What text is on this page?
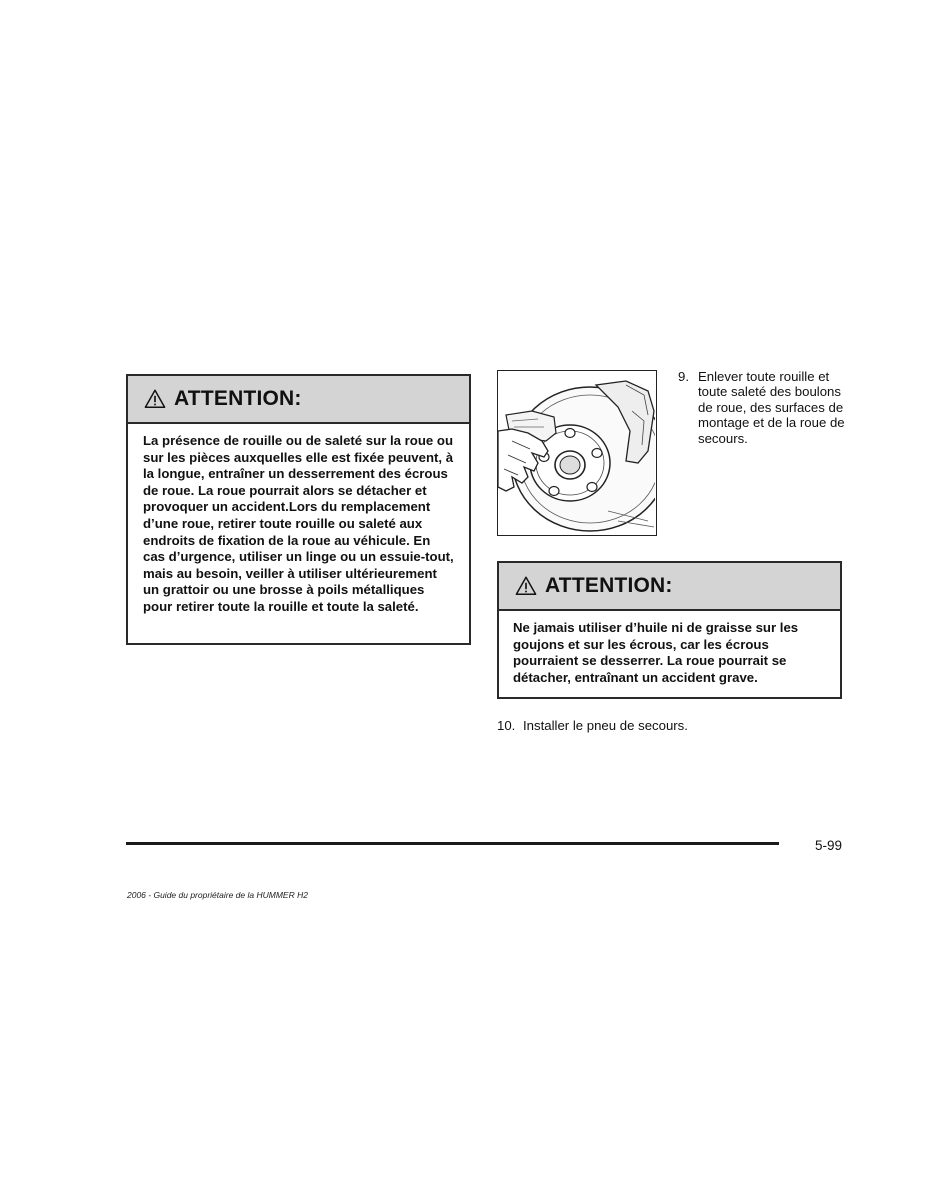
ATTENTION:
La présence de rouille ou de saleté sur la roue ou sur les pièces auxquelles elle est fixée peuvent, à la longue, entraîner un desserrement des écrous de roue. La roue pourrait alors se détacher et provoquer un accident.Lors du remplacement d’une roue, retirer toute rouille ou saleté aux endroits de fixation de la roue au véhicule. En cas d’urgence, utiliser un linge ou un essuie-tout, mais au besoin, veiller à utiliser ultérieurement un grattoir ou une brosse à poils métalliques pour retirer toute la rouille et toute la saleté.
9. Enlever toute rouille et toute saleté des boulons de roue, des surfaces de montage et de la roue de secours.
ATTENTION:
Ne jamais utiliser d’huile ni de graisse sur les goujons et sur les écrous, car les écrous pourraient se desserrer. La roue pourrait se détacher, entraînant un accident grave.
10. Installer le pneu de secours.
5-99
2006 - Guide du propriétaire de la HUMMER H2
